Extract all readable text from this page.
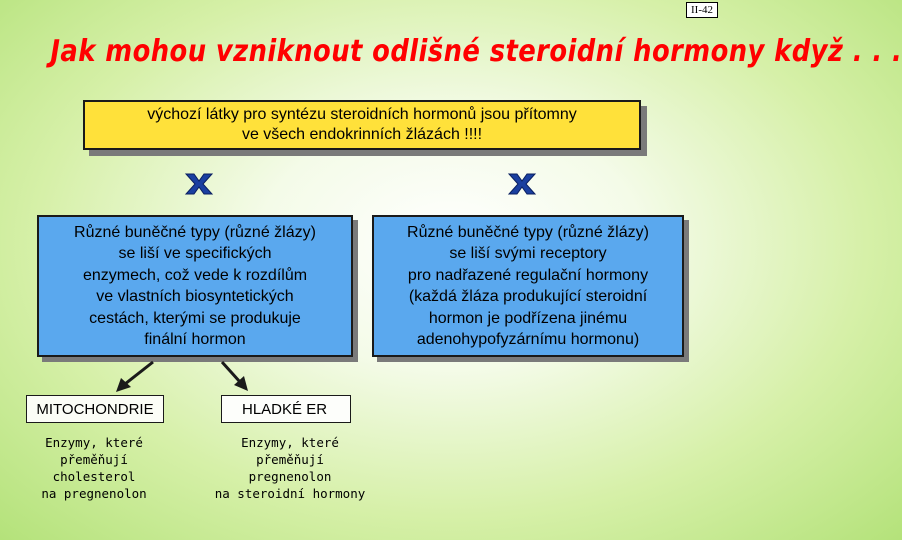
II-42
Jak mohou vzniknout odlišné steroidní hormony když . . .
výchozí látky pro syntézu steroidních hormonů jsou přítomny
ve všech endokrinních žlázách !!!!
Různé buněčné typy (různé žlázy)
se liší ve specifických
enzymech, což vede k rozdílům
ve vlastních biosyntetických
cestách, kterými se produkuje
finální hormon
Různé buněčné typy (různé žlázy)
se liší svými receptory
pro nadřazené regulační hormony
(každá žláza produkující steroidní
hormon je podřízena jinému
adenohypofyzárnímu hormonu)
MITOCHONDRIE	HLADKÉ ER
Enzymy, které
přeměňují
cholesterol
na pregnenolon
Enzymy, které
přeměňují
pregnenolon
na steroidní hormony
